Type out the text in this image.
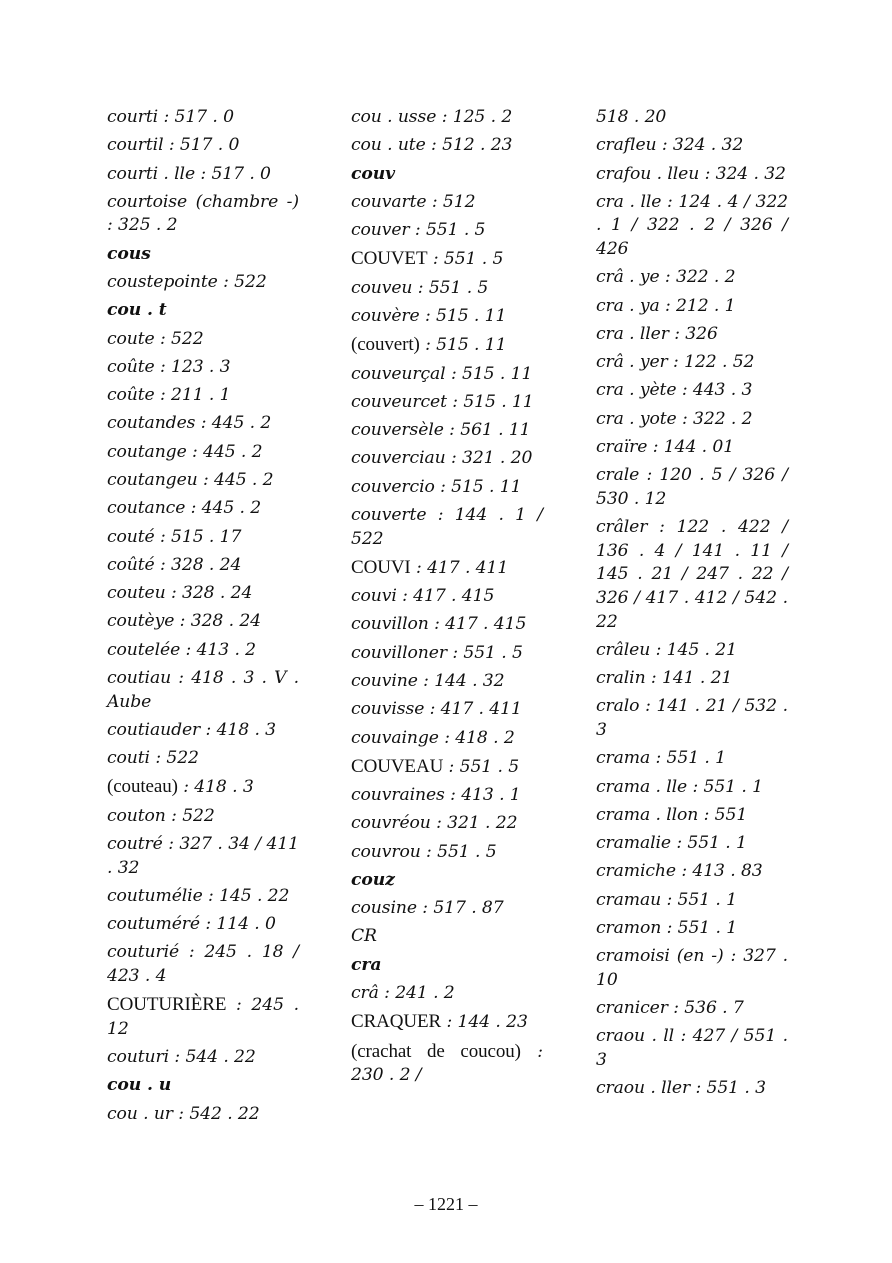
courti : 517 . 0
courtil : 517 . 0
courti . lle : 517 . 0
courtoise (chambre -) : 325 . 2
cous
coustepointe : 522
cou . t
coute : 522
coûte : 123 . 3
coûte : 211 . 1
coutandes : 445 . 2
coutange : 445 . 2
coutangeu : 445 . 2
coutance : 445 . 2
couté : 515 . 17
coûté : 328 . 24
couteu : 328 . 24
coutèye : 328 . 24
coutelée : 413 . 2
coutiau : 418 . 3 . V . Aube
coutiauder : 418 . 3
couti : 522
(couteau) : 418 . 3
couton : 522
coutré : 327 . 34 / 411 . 32
coutumélie : 145 . 22
coutuméré : 114 . 0
couturié : 245 . 18 / 423 . 4
COUTURIÈRE : 245 . 12
couturi : 544 . 22
cou . u
cou . ur : 542 . 22
cou . usse : 125 . 2
cou . ute : 512 . 23
couv
couvarte : 512
couver : 551 . 5
COUVET : 551 . 5
couveu : 551 . 5
couvère : 515 . 11
(couvert) : 515 . 11
couveurçal : 515 . 11
couveurcet : 515 . 11
couversèle : 561 . 11
couverciau : 321 . 20
couvercio : 515 . 11
couverte : 144 . 1 / 522
COUVI : 417 . 411
couvi : 417 . 415
couvillon : 417 . 415
couvilloner : 551 . 5
couvine : 144 . 32
couvisse : 417 . 411
couvainge : 418 . 2
COUVEAU : 551 . 5
couvraines : 413 . 1
couvréou : 321 . 22
couvrou : 551 . 5
couz
cousine : 517 . 87
CR
cra
crâ : 241 . 2
CRAQUER : 144 . 23
(crachat de coucou) : 230 . 2 /
518 . 20
crafleu : 324 . 32
crafou . lleu : 324 . 32
cra . lle : 124 . 4 / 322 . 1 / 322 . 2 / 326 / 426
crâ . ye : 322 . 2
cra . ya : 212 . 1
cra . ller : 326
crâ . yer : 122 . 52
cra . yète : 443 . 3
cra . yote : 322 . 2
craïre : 144 . 01
crale : 120 . 5 / 326 / 530 . 12
crâler : 122 . 422 / 136 . 4 / 141 . 11 / 145 . 21 / 247 . 22 / 326 / 417 . 412 / 542 . 22
crâleu : 145 . 21
cralin : 141 . 21
cralo : 141 . 21 / 532 . 3
crama : 551 . 1
crama . lle : 551 . 1
crama . llon : 551
cramalie : 551 . 1
cramiche : 413 . 83
cramau : 551 . 1
cramon : 551 . 1
cramoisi (en -) : 327 . 10
cranicer : 536 . 7
craou . ll : 427 / 551 . 3
craou . ller : 551 . 3
– 1221 –
